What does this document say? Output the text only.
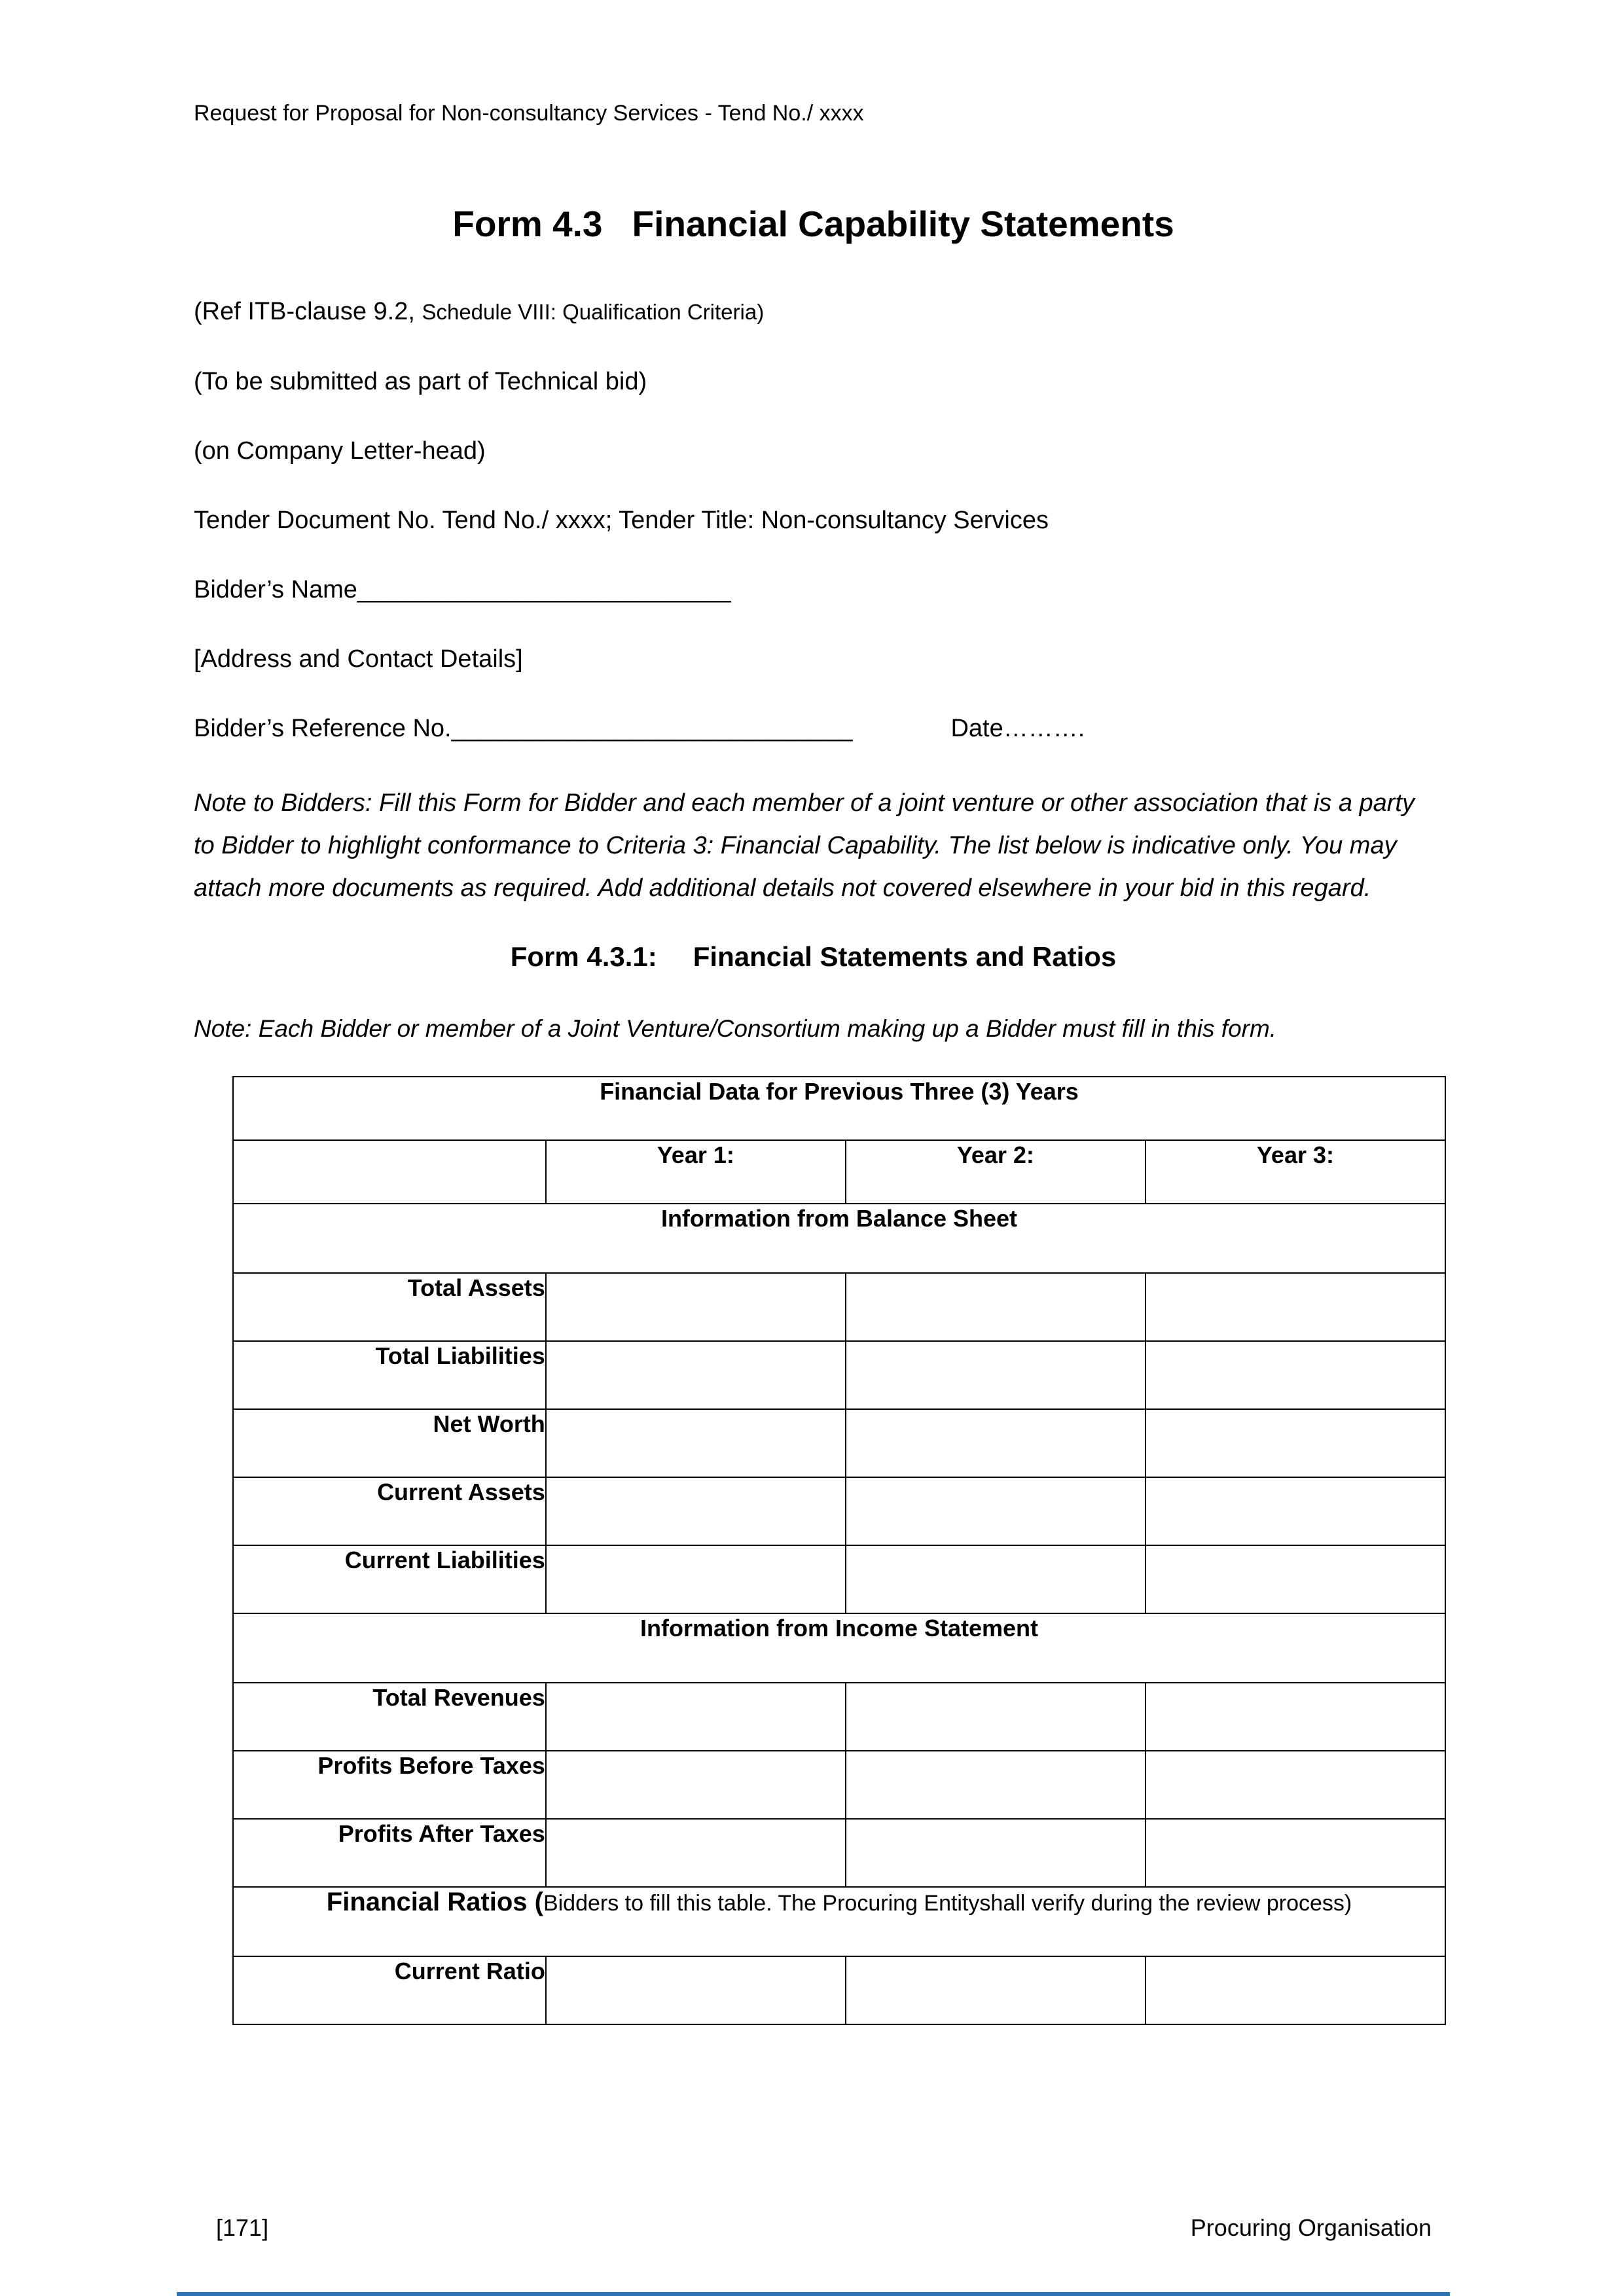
Request for Proposal for Non-consultancy Services - Tend No./ xxxx
Form 4.3 Financial Capability Statements

(Ref ITB-clause 9.2, Schedule VIII: Qualification Criteria)

(To be submitted as part of Technical bid)

(on Company Letter-head)

Tender Document No. Tend No./ xxxx; Tender Title: Non-consultancy Services

Bidder’s Name___________________________

[Address and Contact Details]

Bidder’s Reference No._____________________________	Date……….

Note to Bidders: Fill this Form for Bidder and each member of a joint venture or other association that is a party to Bidder to highlight conformance to Criteria 3: Financial Capability. The list below is indicative only. You may attach more documents as required. Add additional details not covered elsewhere in your bid in this regard.

Form 4.3.1: Financial Statements and Ratios

Note: Each Bidder or member of a Joint Venture/Consortium making up a Bidder must fill in this form.

Financial Data for Previous Three (3) Years			
	Year 1:	Year 2:	Year 3:
Information from Balance Sheet			
Total Assets			
Total Liabilities			
Net Worth			
Current Assets			
Current Liabilities			
Information from Income Statement			
Total Revenues			
Profits Before Taxes			
Profits After Taxes			
Financial Ratios (Bidders to fill this table. The Procuring Entityshall verify during the review process)			
Current Ratio			
[171]	Procuring Organisation
